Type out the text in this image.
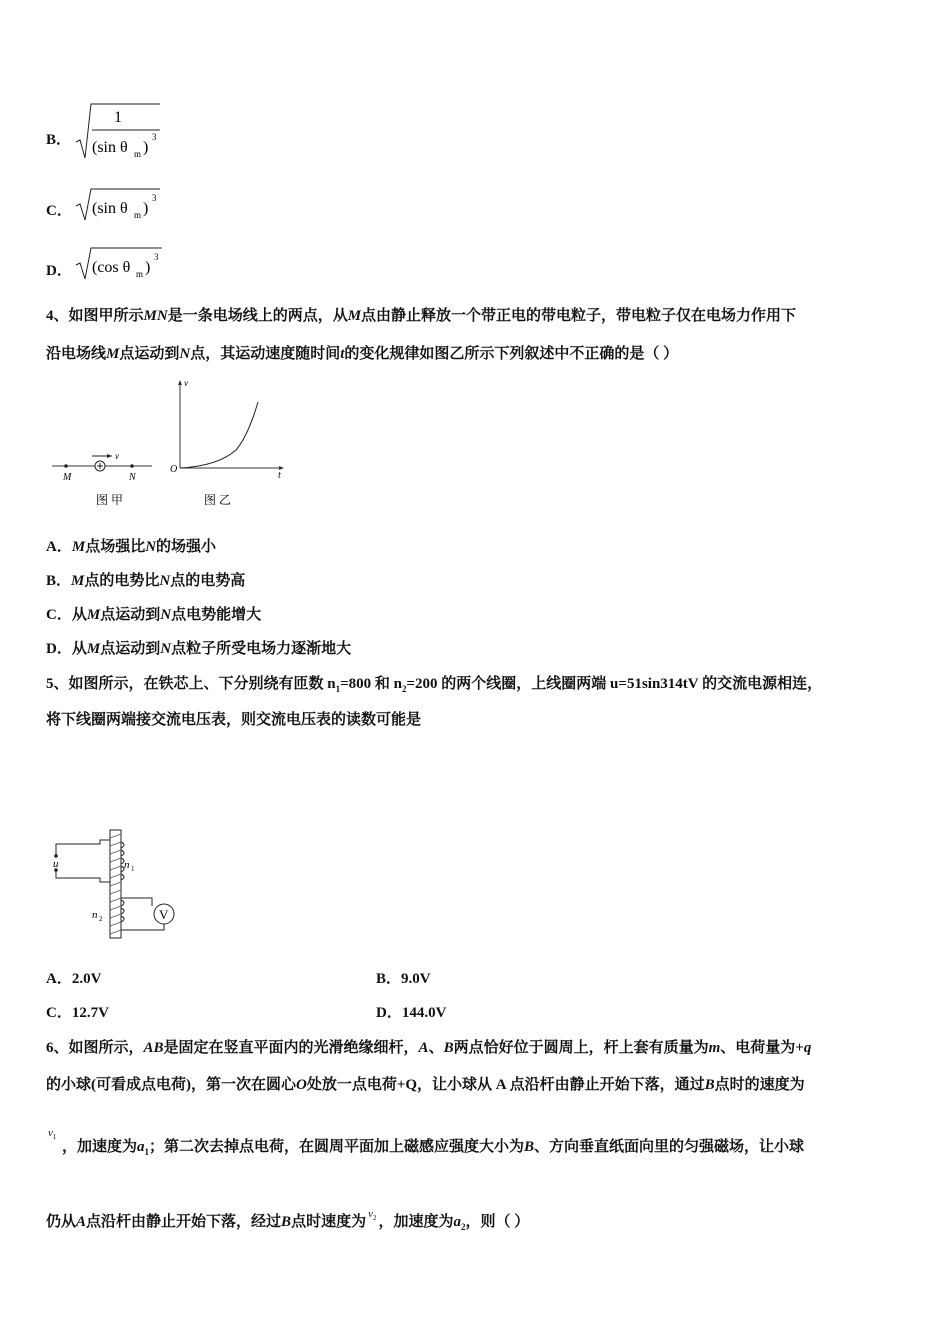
B．
1
(sin θ m )
3
C． (sin θ m )
3
D． (cos θ m )
3
4、如图甲所示MN是一条电场线上的两点，从M点由静止释放一个带正电的带电粒子，带电粒子仅在电场力作用下
沿电场线M点运动到N点，其运动速度随时间t的变化规律如图乙所示下列叙述中不正确的是（ ）
M	N
v
图 甲
v
t
O
图 乙
A．M点场强比N的场强小
B．M点的电势比N点的电势高
C．从M点运动到N点电势能增大
D．从M点运动到N点粒子所受电场力逐渐地大
5、如图所示，在铁芯上、下分别绕有匝数 $n_1=800$ 和 $n_2=200$ 的两个线圈，上线圈两端 u=51sin314tV 的交流电源相连，
将下线圈两端接交流电压表，则交流电压表的读数可能是
u	n 1
n 2	V
A．2.0V	B．9.0V
C．12.7V	D．144.0V
6、如图所示，AB是固定在竖直平面内的光滑绝缘细杆，A、B两点恰好位于圆周上，杆上套有质量为m、电荷量为+q
的小球(可看成点电荷)，第一次在圆心O处放一点电荷+Q，让小球从 A 点沿杆由静止开始下落，通过B点时的速度为
$v_1$
，加速度为$a_1$；第二次去掉点电荷，在圆周平面加上磁感应强度大小为B、方向垂直纸面向里的匀强磁场，让小球
仍从A点沿杆由静止开始下落，经过B点时速度为 $^{v_2}$ ，加速度为$a_2$，则（ ）
